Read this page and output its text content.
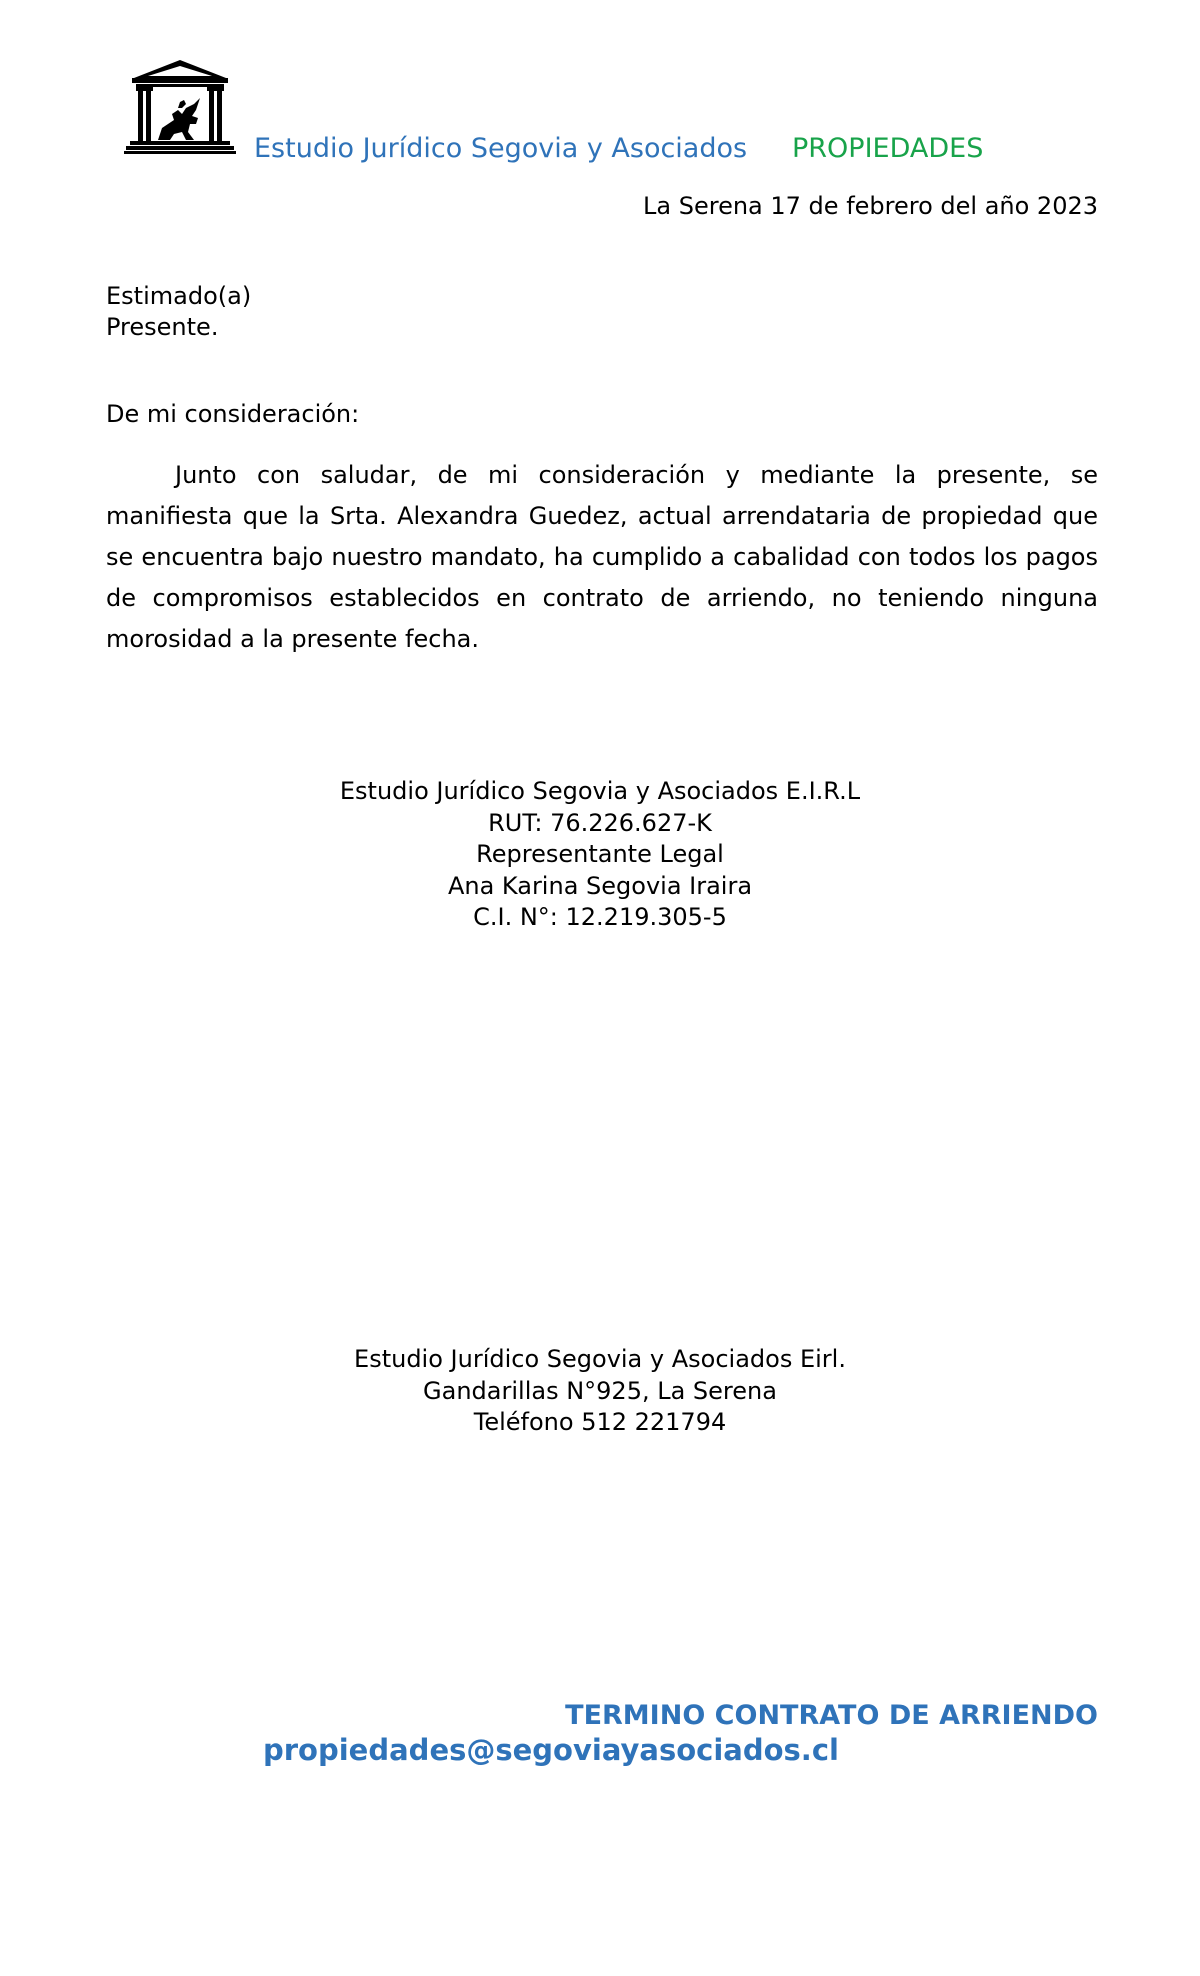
Estudio Jurídico Segovia y Asociados PROPIEDADES
La Serena 17 de febrero del año 2023
Estimado(a)
Presente.
De mi consideración:
Junto con saludar, de mi consideración y mediante la presente, se manifiesta que la Srta. Alexandra Guedez, actual arrendataria de propiedad que se encuentra bajo nuestro mandato, ha cumplido a cabalidad con todos los pagos de compromisos establecidos en contrato de arriendo, no teniendo ninguna morosidad a la presente fecha.
Estudio Jurídico Segovia y Asociados E.I.R.L
RUT: 76.226.627-K
Representante Legal
Ana Karina Segovia Iraira
C.I. N°: 12.219.305-5
Estudio Jurídico Segovia y Asociados Eirl.
Gandarillas N°925, La Serena
Teléfono 512 221794
TERMINO CONTRATO DE ARRIENDO
propiedades@segoviayasociados.cl
